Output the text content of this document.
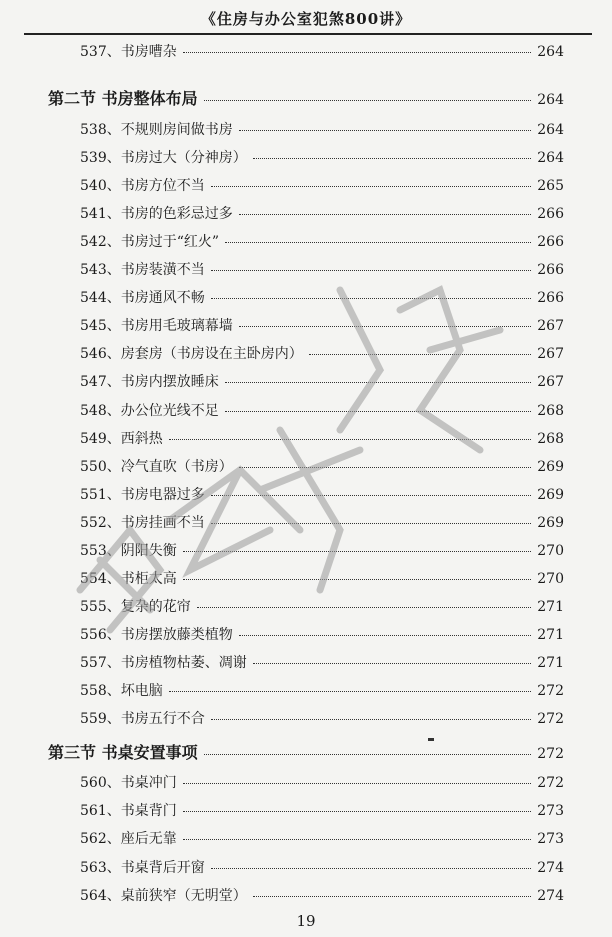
《住房与办公室犯煞800讲》
537、书房嘈杂	264
第二节 书房整体布局	264
538、不规则房间做书房	264
539、书房过大（分神房）	264
540、书房方位不当	265
541、书房的色彩忌过多	266
542、书房过于“红火”	266
543、书房装潢不当	266
544、书房通风不畅	266
545、书房用毛玻璃幕墙	267
546、房套房（书房设在主卧房内）	267
547、书房内摆放睡床	267
548、办公位光线不足	268
549、西斜热	268
550、冷气直吹（书房）	269
551、书房电器过多	269
552、书房挂画不当	269
553、阴阳失衡	270
554、书柜太高	270
555、复杂的花帘	271
556、书房摆放藤类植物	271
557、书房植物枯萎、凋谢	271
558、坏电脑	272
559、书房五行不合	272
第三节 书桌安置事项	272
560、书桌冲门	272
561、书桌背门	273
562、座后无靠	273
563、书桌背后开窗	274
564、桌前狭窄（无明堂）	274
19
